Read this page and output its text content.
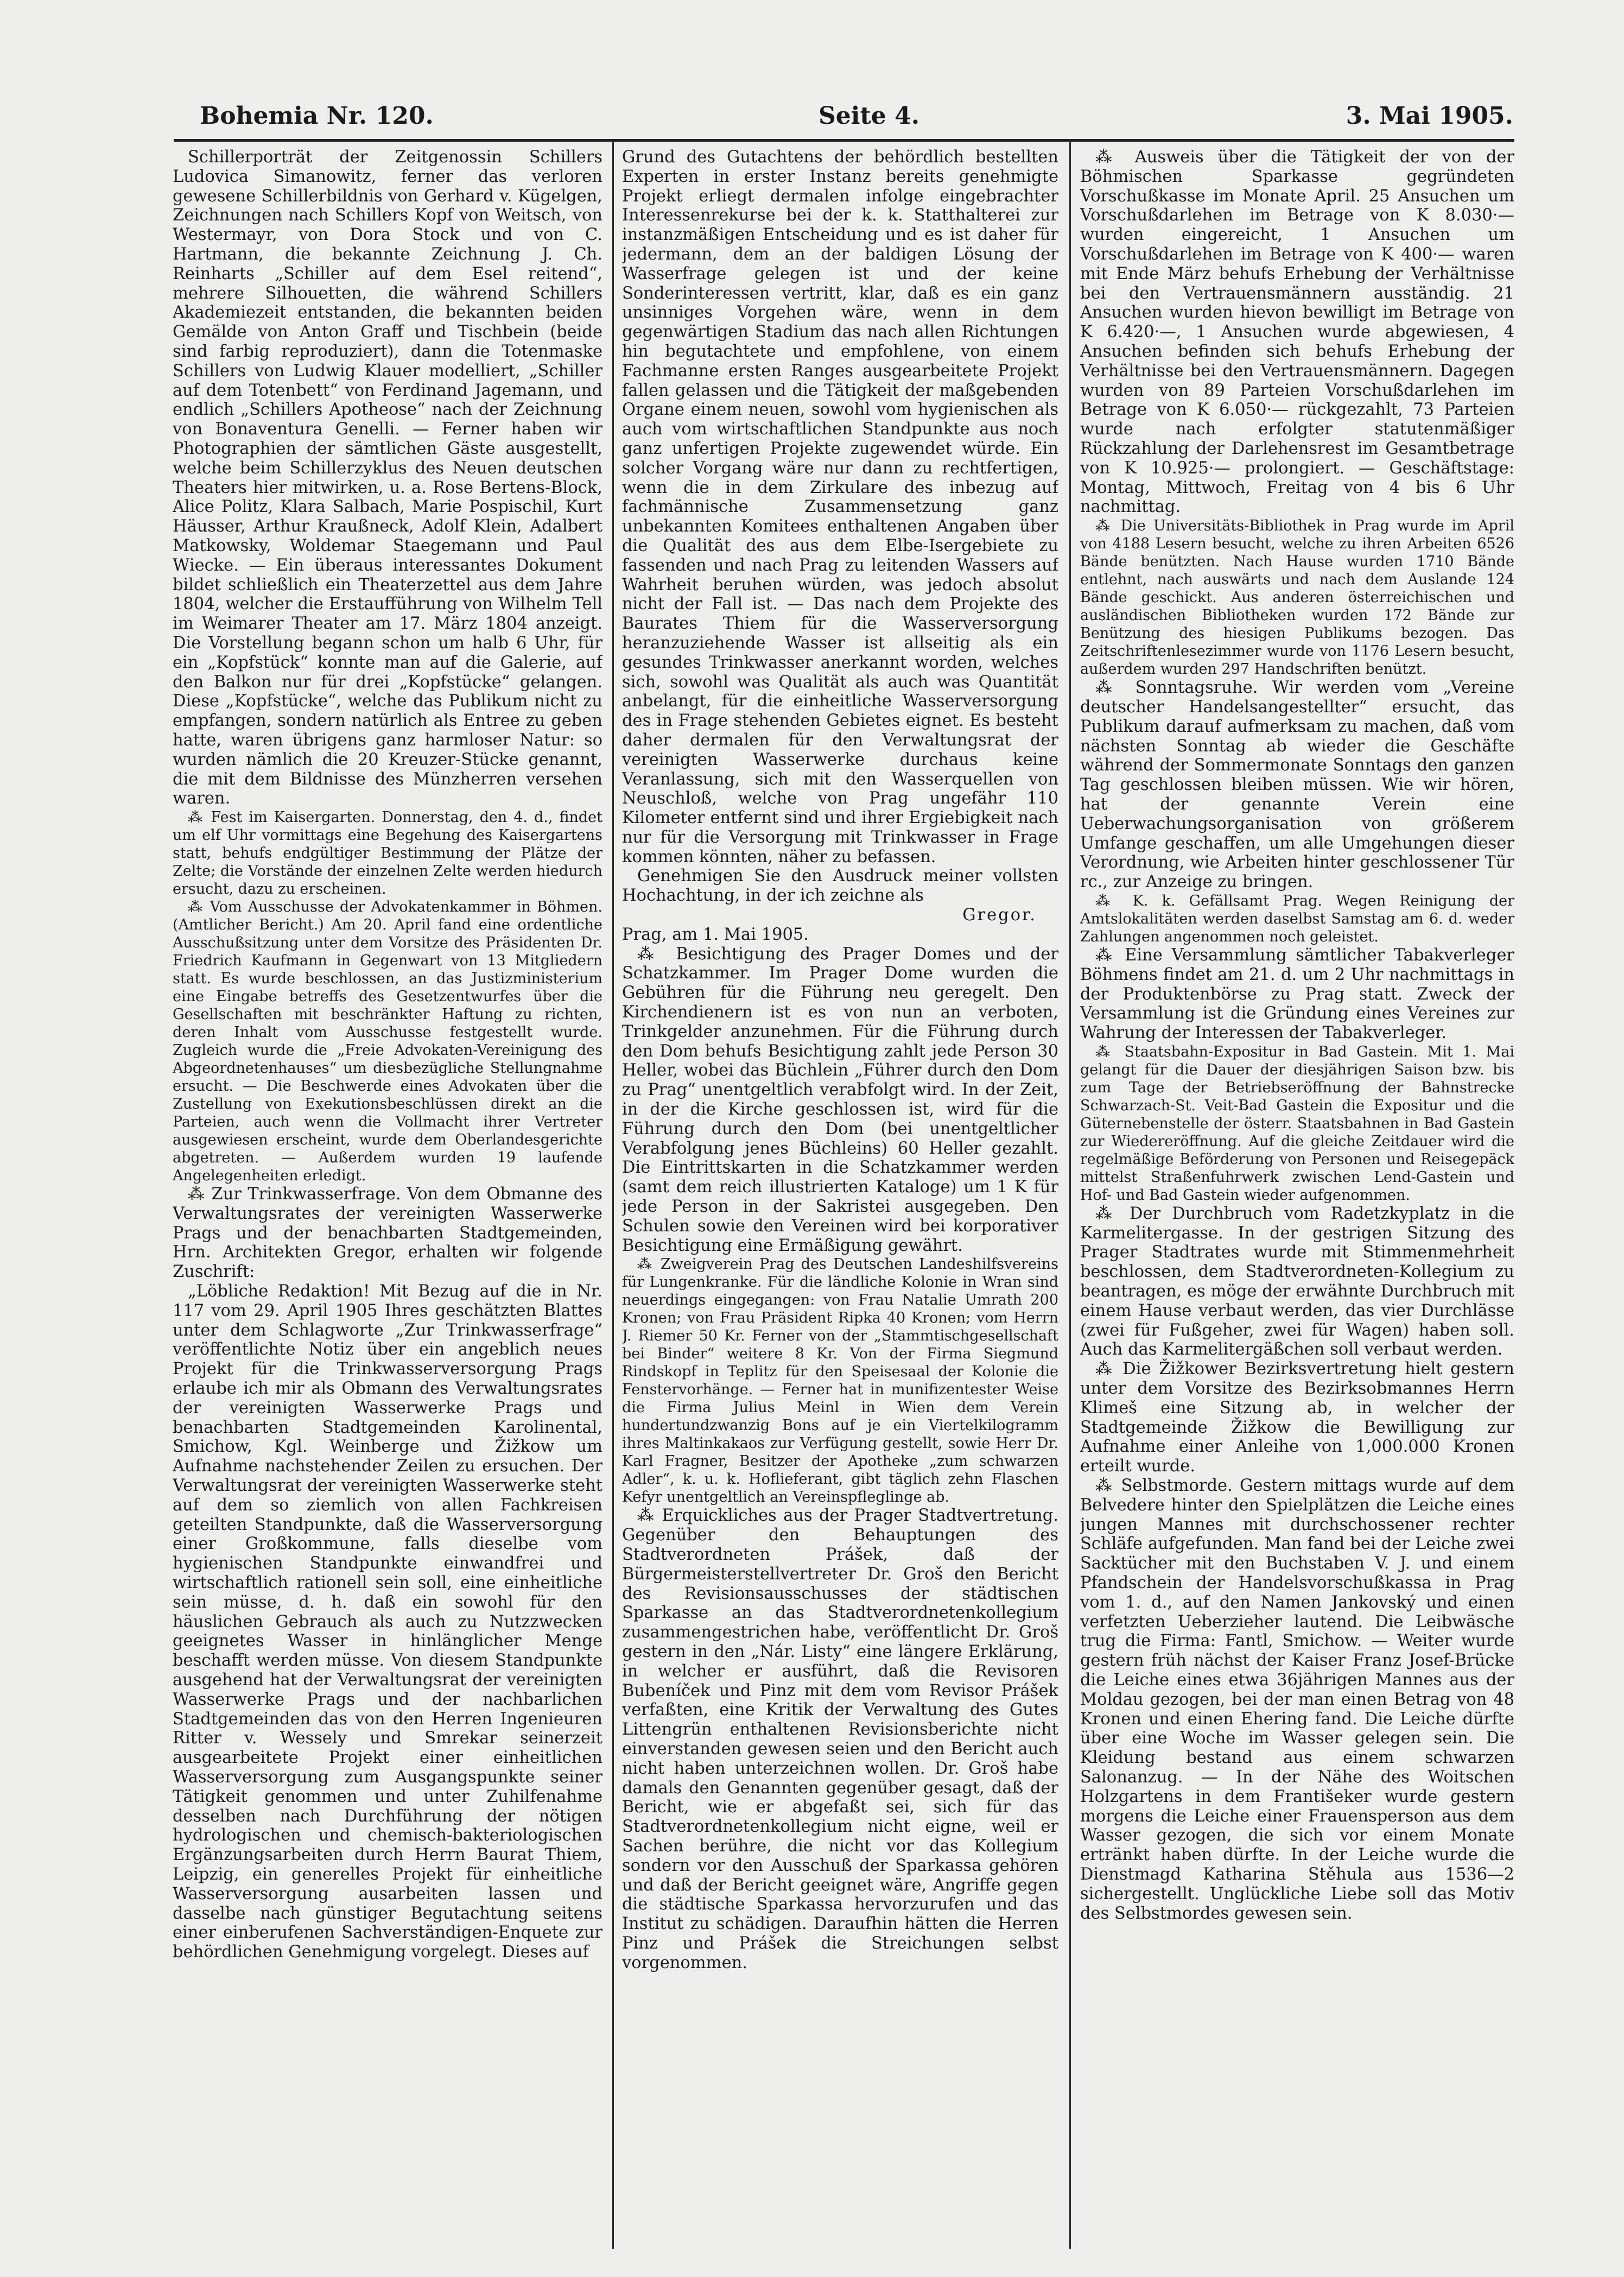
Bohemia Nr. 120.	Seite 4.	3. Mai 1905.

Schillerporträt der Zeitgenossin Schillers Ludovica Simanowitz, ferner das verloren gewesene Schillerbildnis von Gerhard v. Kügelgen, Zeichnungen nach Schillers Kopf von Weitsch, von Westermayr, von Dora Stock und von C. Hartmann, die bekannte Zeichnung J. Ch. Reinharts „Schiller auf dem Esel reitend“, mehrere Silhouetten, die während Schillers Akademiezeit entstanden, die bekannten beiden Gemälde von Anton Graff und Tischbein (beide sind farbig reproduziert), dann die Totenmaske Schillers von Ludwig Klauer modelliert, „Schiller auf dem Totenbett“ von Ferdinand Jagemann, und endlich „Schillers Apotheose“ nach der Zeichnung von Bonaventura Genelli. — Ferner haben wir Photographien der sämtlichen Gäste ausgestellt, welche beim Schillerzyklus des Neuen deutschen Theaters hier mitwirken, u. a. Rose Bertens-Block, Alice Politz, Klara Salbach, Marie Pospischil, Kurt Häusser, Arthur Kraußneck, Adolf Klein, Adalbert Matkowsky, Woldemar Staegemann und Paul Wiecke. — Ein überaus interessantes Dokument bildet schließlich ein Theaterzettel aus dem Jahre 1804, welcher die Erstaufführung von Wilhelm Tell im Weimarer Theater am 17. März 1804 anzeigt. Die Vorstellung begann schon um halb 6 Uhr, für ein „Kopfstück“ konnte man auf die Galerie, auf den Balkon nur für drei „Kopfstücke“ gelangen. Diese „Kopfstücke“, welche das Publikum nicht zu empfangen, sondern natürlich als Entree zu geben hatte, waren übrigens ganz harmloser Natur: so wurden nämlich die 20 Kreuzer-Stücke genannt, die mit dem Bildnisse des Münzherren versehen waren.

⁂ Fest im Kaisergarten. Donnerstag, den 4. d., findet um elf Uhr vormittags eine Begehung des Kaisergartens statt, behufs endgültiger Bestimmung der Plätze der Zelte; die Vorstände der einzelnen Zelte werden hiedurch ersucht, dazu zu erscheinen.

⁂ Vom Ausschusse der Advokatenkammer in Böhmen. (Amtlicher Bericht.) Am 20. April fand eine ordentliche Ausschußsitzung unter dem Vorsitze des Präsidenten Dr. Friedrich Kaufmann in Gegenwart von 13 Mitgliedern statt. Es wurde beschlossen, an das Justizministerium eine Eingabe betreffs des Gesetzentwurfes über die Gesellschaften mit beschränkter Haftung zu richten, deren Inhalt vom Ausschusse festgestellt wurde. Zugleich wurde die „Freie Advokaten-Vereinigung des Abgeordnetenhauses“ um diesbezügliche Stellungnahme ersucht. — Die Beschwerde eines Advokaten über die Zustellung von Exekutionsbeschlüssen direkt an die Parteien, auch wenn die Vollmacht ihrer Vertreter ausgewiesen erscheint, wurde dem Oberlandesgerichte abgetreten. — Außerdem wurden 19 laufende Angelegenheiten erledigt.

⁂ Zur Trinkwasserfrage. Von dem Obmanne des Verwaltungsrates der vereinigten Wasserwerke Prags und der benachbarten Stadtgemeinden, Hrn. Architekten Gregor, erhalten wir folgende Zuschrift:

„Löbliche Redaktion! Mit Bezug auf die in Nr. 117 vom 29. April 1905 Ihres geschätzten Blattes unter dem Schlagworte „Zur Trinkwasserfrage“ veröffentlichte Notiz über ein angeblich neues Projekt für die Trinkwasserversorgung Prags erlaube ich mir als Obmann des Verwaltungsrates der vereinigten Wasserwerke Prags und benachbarten Stadtgemeinden Karolinental, Smichow, Kgl. Weinberge und Žižkow um Aufnahme nachstehender Zeilen zu ersuchen. Der Verwaltungsrat der vereinigten Wasserwerke steht auf dem so ziemlich von allen Fachkreisen geteilten Standpunkte, daß die Wasserversorgung einer Großkommune, falls dieselbe vom hygienischen Standpunkte einwandfrei und wirtschaftlich rationell sein soll, eine einheitliche sein müsse, d. h. daß ein sowohl für den häuslichen Gebrauch als auch zu Nutzzwecken geeignetes Wasser in hinlänglicher Menge beschafft werden müsse. Von diesem Standpunkte ausgehend hat der Verwaltungsrat der vereinigten Wasserwerke Prags und der nachbarlichen Stadtgemeinden das von den Herren Ingenieuren Ritter v. Wessely und Smrekar seinerzeit ausgearbeitete Projekt einer einheitlichen Wasserversorgung zum Ausgangspunkte seiner Tätigkeit genommen und unter Zuhilfenahme desselben nach Durchführung der nötigen hydrologischen und chemisch-bakteriologischen Ergänzungsarbeiten durch Herrn Baurat Thiem, Leipzig, ein generelles Projekt für einheitliche Wasserversorgung ausarbeiten lassen und dasselbe nach günstiger Begutachtung seitens einer einberufenen Sachverständigen-Enquete zur behördlichen Genehmigung vorgelegt. Dieses auf

Grund des Gutachtens der behördlich bestellten Experten in erster Instanz bereits genehmigte Projekt erliegt dermalen infolge eingebrachter Interessenrekurse bei der k. k. Statthalterei zur instanzmäßigen Entscheidung und es ist daher für jedermann, dem an der baldigen Lösung der Wasserfrage gelegen ist und der keine Sonderinteressen vertritt, klar, daß es ein ganz unsinniges Vorgehen wäre, wenn in dem gegenwärtigen Stadium das nach allen Richtungen hin begutachtete und empfohlene, von einem Fachmanne ersten Ranges ausgearbeitete Projekt fallen gelassen und die Tätigkeit der maßgebenden Organe einem neuen, sowohl vom hygienischen als auch vom wirtschaftlichen Standpunkte aus noch ganz unfertigen Projekte zugewendet würde. Ein solcher Vorgang wäre nur dann zu rechtfertigen, wenn die in dem Zirkulare des inbezug auf fachmännische Zusammensetzung ganz unbekannten Komitees enthaltenen Angaben über die Qualität des aus dem Elbe-Isergebiete zu fassenden und nach Prag zu leitenden Wassers auf Wahrheit beruhen würden, was jedoch absolut nicht der Fall ist. — Das nach dem Projekte des Baurates Thiem für die Wasserversorgung heranzuziehende Wasser ist allseitig als ein gesundes Trinkwasser anerkannt worden, welches sich, sowohl was Qualität als auch was Quantität anbelangt, für die einheitliche Wasserversorgung des in Frage stehenden Gebietes eignet. Es besteht daher dermalen für den Verwaltungsrat der vereinigten Wasserwerke durchaus keine Veranlassung, sich mit den Wasserquellen von Neuschloß, welche von Prag ungefähr 110 Kilometer entfernt sind und ihrer Ergiebigkeit nach nur für die Versorgung mit Trinkwasser in Frage kommen könnten, näher zu befassen.

Genehmigen Sie den Ausdruck meiner vollsten Hochachtung, in der ich zeichne als

Gregor.

Prag, am 1. Mai 1905.

⁂ Besichtigung des Prager Domes und der Schatzkammer. Im Prager Dome wurden die Gebühren für die Führung neu geregelt. Den Kirchendienern ist es von nun an verboten, Trinkgelder anzunehmen. Für die Führung durch den Dom behufs Besichtigung zahlt jede Person 30 Heller, wobei das Büchlein „Führer durch den Dom zu Prag“ unentgeltlich verabfolgt wird. In der Zeit, in der die Kirche geschlossen ist, wird für die Führung durch den Dom (bei unentgeltlicher Verabfolgung jenes Büchleins) 60 Heller gezahlt. Die Eintrittskarten in die Schatzkammer werden (samt dem reich illustrierten Kataloge) um 1 K für jede Person in der Sakristei ausgegeben. Den Schulen sowie den Vereinen wird bei korporativer Besichtigung eine Ermäßigung gewährt.

⁂ Zweigverein Prag des Deutschen Landeshilfsvereins für Lungenkranke. Für die ländliche Kolonie in Wran sind neuerdings eingegangen: von Frau Natalie Umrath 200 Kronen; von Frau Präsident Ripka 40 Kronen; vom Herrn J. Riemer 50 Kr. Ferner von der „Stammtischgesellschaft bei Binder“ weitere 8 Kr. Von der Firma Siegmund Rindskopf in Teplitz für den Speisesaal der Kolonie die Fenstervorhänge. — Ferner hat in munifizentester Weise die Firma Julius Meinl in Wien dem Verein hundertundzwanzig Bons auf je ein Viertelkilogramm ihres Maltinkakaos zur Verfügung gestellt, sowie Herr Dr. Karl Fragner, Besitzer der Apotheke „zum schwarzen Adler“, k. u. k. Hoflieferant, gibt täglich zehn Flaschen Kefyr unentgeltlich an Vereinspfleglinge ab.

⁂ Erquickliches aus der Prager Stadtvertretung. Gegenüber den Behauptungen des Stadtverordneten Prášek, daß der Bürgermeisterstellvertreter Dr. Groš den Bericht des Revisionsausschusses der städtischen Sparkasse an das Stadtverordnetenkollegium zusammengestrichen habe, veröffentlicht Dr. Groš gestern in den „Nár. Listy“ eine längere Erklärung, in welcher er ausführt, daß die Revisoren Bubeníček und Pinz mit dem vom Revisor Prášek verfaßten, eine Kritik der Verwaltung des Gutes Littengrün enthaltenen Revisionsberichte nicht einverstanden gewesen seien und den Bericht auch nicht haben unterzeichnen wollen. Dr. Groš habe damals den Genannten gegenüber gesagt, daß der Bericht, wie er abgefaßt sei, sich für das Stadtverordnetenkollegium nicht eigne, weil er Sachen berühre, die nicht vor das Kollegium sondern vor den Ausschuß der Sparkassa gehören und daß der Bericht geeignet wäre, Angriffe gegen die städtische Sparkassa hervorzurufen und das Institut zu schädigen. Daraufhin hätten die Herren Pinz und Prášek die Streichungen selbst vorgenommen.

⁂ Ausweis über die Tätigkeit der von der Böhmischen Sparkasse gegründeten Vorschußkasse im Monate April. 25 Ansuchen um Vorschußdarlehen im Betrage von K 8.030·— wurden eingereicht, 1 Ansuchen um Vorschußdarlehen im Betrage von K 400·— waren mit Ende März behufs Erhebung der Verhältnisse bei den Vertrauensmännern ausständig. 21 Ansuchen wurden hievon bewilligt im Betrage von K 6.420·—, 1 Ansuchen wurde abgewiesen, 4 Ansuchen befinden sich behufs Erhebung der Verhältnisse bei den Vertrauensmännern. Dagegen wurden von 89 Parteien Vorschußdarlehen im Betrage von K 6.050·— rückgezahlt, 73 Parteien wurde nach erfolgter statutenmäßiger Rückzahlung der Darlehensrest im Gesamtbetrage von K 10.925·— prolongiert. — Geschäftstage: Montag, Mittwoch, Freitag von 4 bis 6 Uhr nachmittag.

⁂ Die Universitäts-Bibliothek in Prag wurde im April von 4188 Lesern besucht, welche zu ihren Arbeiten 6526 Bände benützten. Nach Hause wurden 1710 Bände entlehnt, nach auswärts und nach dem Auslande 124 Bände geschickt. Aus anderen österreichischen und ausländischen Bibliotheken wurden 172 Bände zur Benützung des hiesigen Publikums bezogen. Das Zeitschriftenlesezimmer wurde von 1176 Lesern besucht, außerdem wurden 297 Handschriften benützt.

⁂ Sonntagsruhe. Wir werden vom „Vereine deutscher Handelsangestellter“ ersucht, das Publikum darauf aufmerksam zu machen, daß vom nächsten Sonntag ab wieder die Geschäfte während der Sommermonate Sonntags den ganzen Tag geschlossen bleiben müssen. Wie wir hören, hat der genannte Verein eine Ueberwachungsorganisation von größerem Umfange geschaffen, um alle Umgehungen dieser Verordnung, wie Arbeiten hinter geschlossener Tür rc., zur Anzeige zu bringen.

⁂ K. k. Gefällsamt Prag. Wegen Reinigung der Amtslokalitäten werden daselbst Samstag am 6. d. weder Zahlungen angenommen noch geleistet.

⁂ Eine Versammlung sämtlicher Tabakverleger Böhmens findet am 21. d. um 2 Uhr nachmittags in der Produktenbörse zu Prag statt. Zweck der Versammlung ist die Gründung eines Vereines zur Wahrung der Interessen der Tabakverleger.

⁂ Staatsbahn-Expositur in Bad Gastein. Mit 1. Mai gelangt für die Dauer der diesjährigen Saison bzw. bis zum Tage der Betriebseröffnung der Bahnstrecke Schwarzach-St. Veit-Bad Gastein die Expositur und die Güternebenstelle der österr. Staatsbahnen in Bad Gastein zur Wiedereröffnung. Auf die gleiche Zeitdauer wird die regelmäßige Beförderung von Personen und Reisegepäck mittelst Straßenfuhrwerk zwischen Lend-Gastein und Hof- und Bad Gastein wieder aufgenommen.

⁂ Der Durchbruch vom Radetzkyplatz in die Karmelitergasse. In der gestrigen Sitzung des Prager Stadtrates wurde mit Stimmenmehrheit beschlossen, dem Stadtverordneten-Kollegium zu beantragen, es möge der erwähnte Durchbruch mit einem Hause verbaut werden, das vier Durchlässe (zwei für Fußgeher, zwei für Wagen) haben soll. Auch das Karmelitergäßchen soll verbaut werden.

⁂ Die Žižkower Bezirksvertretung hielt gestern unter dem Vorsitze des Bezirksobmannes Herrn Klimeš eine Sitzung ab, in welcher der Stadtgemeinde Žižkow die Bewilligung zur Aufnahme einer Anleihe von 1,000.000 Kronen erteilt wurde.

⁂ Selbstmorde. Gestern mittags wurde auf dem Belvedere hinter den Spielplätzen die Leiche eines jungen Mannes mit durchschossener rechter Schläfe aufgefunden. Man fand bei der Leiche zwei Sacktücher mit den Buchstaben V. J. und einem Pfandschein der Handelsvorschußkassa in Prag vom 1. d., auf den Namen Jankovský und einen verfetzten Ueberzieher lautend. Die Leibwäsche trug die Firma: Fantl, Smichow. — Weiter wurde gestern früh nächst der Kaiser Franz Josef-Brücke die Leiche eines etwa 36jährigen Mannes aus der Moldau gezogen, bei der man einen Betrag von 48 Kronen und einen Ehering fand. Die Leiche dürfte über eine Woche im Wasser gelegen sein. Die Kleidung bestand aus einem schwarzen Salonanzug. — In der Nähe des Woitschen Holzgartens in dem Františeker wurde gestern morgens die Leiche einer Frauensperson aus dem Wasser gezogen, die sich vor einem Monate ertränkt haben dürfte. In der Leiche wurde die Dienstmagd Katharina Stěhula aus 1536—2 sichergestellt. Unglückliche Liebe soll das Motiv des Selbstmordes gewesen sein.
